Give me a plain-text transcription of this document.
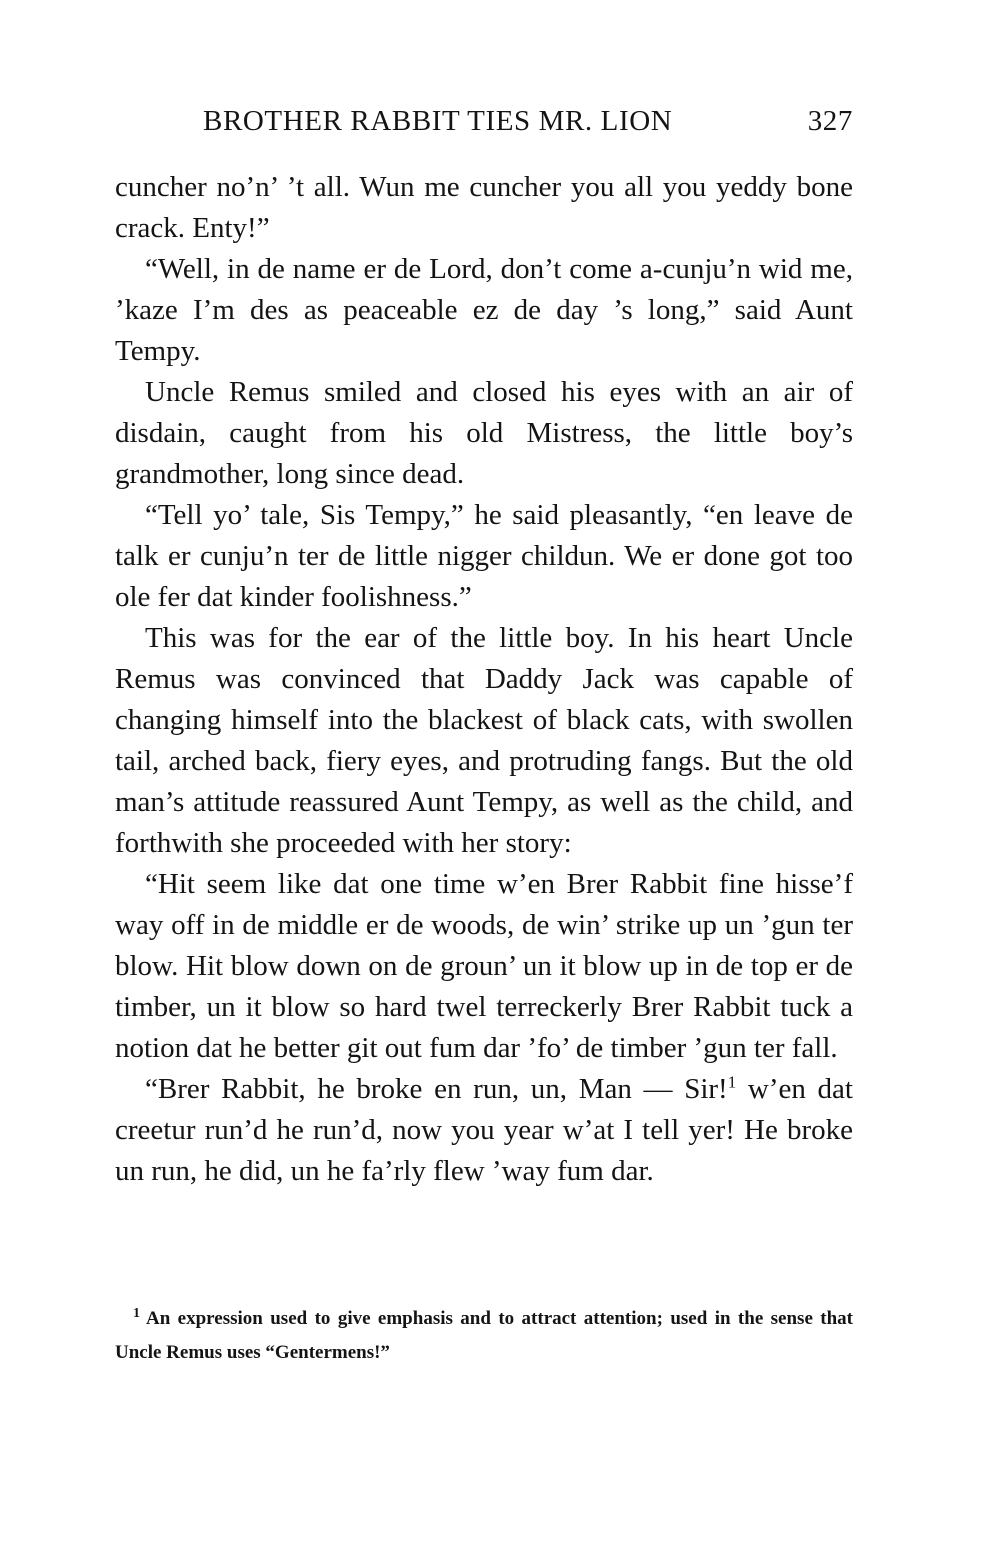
BROTHER RABBIT TIES MR. LION	327

cuncher no’n’ ’t all. Wun me cuncher you all you yeddy bone crack. Enty!”

“Well, in de name er de Lord, don’t come a-cunju’n wid me, ’kaze I’m des as peaceable ez de day ’s long,” said Aunt Tempy.

Uncle Remus smiled and closed his eyes with an air of disdain, caught from his old Mistress, the little boy’s grandmother, long since dead.

“Tell yo’ tale, Sis Tempy,” he said pleasantly, “en leave de talk er cunju’n ter de little nigger childun. We er done got too ole fer dat kinder foolishness.”

This was for the ear of the little boy. In his heart Uncle Remus was convinced that Daddy Jack was capable of changing himself into the blackest of black cats, with swollen tail, arched back, fiery eyes, and protruding fangs. But the old man’s attitude reassured Aunt Tempy, as well as the child, and forthwith she proceeded with her story:

“Hit seem like dat one time w’en Brer Rabbit fine hisse’f way off in de middle er de woods, de win’ strike up un ’gun ter blow. Hit blow down on de groun’ un it blow up in de top er de timber, un it blow so hard twel terreckerly Brer Rabbit tuck a notion dat he better git out fum dar ’fo’ de timber ’gun ter fall.

“Brer Rabbit, he broke en run, un, Man — Sir!$^1$ w’en dat creetur run’d he run’d, now you year w’at I tell yer! He broke un run, he did, un he fa’rly flew ’way fum dar.

$^1$ An expression used to give emphasis and to attract attention; used in the sense that Uncle Remus uses “Gentermens!”
